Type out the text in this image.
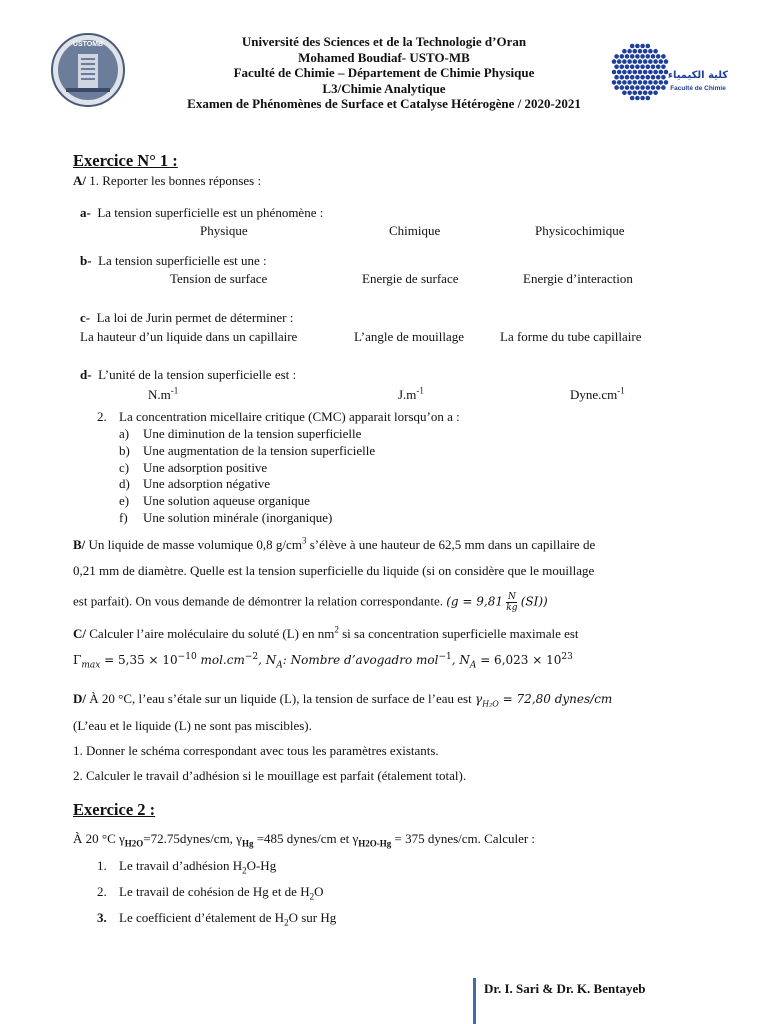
USTOMB
كلية الكيمياء
Faculté de Chimie
Université des Sciences et de la Technologie d’Oran
Mohamed Boudiaf- USTO-MB
Faculté de Chimie – Département de Chimie Physique
L3/Chimie Analytique
Examen de Phénomènes de Surface et Catalyse Hétérogène / 2020-2021
Exercice N° 1 :
A/ 1. Reporter les bonnes réponses :
a- La tension superficielle est un phénomène :
Physique	Chimique	Physicochimique
b- La tension superficielle est une :
Tension de surface	Energie de surface	Energie d’interaction
c- La loi de Jurin permet de déterminer :
La hauteur d’un liquide dans un capillaire	L’angle de mouillage	La forme du tube capillaire
d- L’unité de la tension superficielle est :
$N.m^{-1}$	$J.m^{-1}$	$Dyne.cm^{-1}$
2. La concentration micellaire critique (CMC) apparait lorsqu’on a :
a) Une diminution de la tension superficielle
b) Une augmentation de la tension superficielle
c) Une adsorption positive
d) Une adsorption négative
e) Une solution aqueuse organique
f) Une solution minérale (inorganique)
B/ Un liquide de masse volumique 0,8 $g/cm^3$ s’élève à une hauteur de 62,5 mm dans un capillaire de
0,21 mm de diamètre. Quelle est la tension superficielle du liquide (si on considère que le mouillage
est parfait). On vous demande de démontrer la relation correspondante. $(g = 9,81 \frac{N}{kg} (SI))$
C/ Calculer l’aire moléculaire du soluté (L) en $nm^2$ si sa concentration superficielle maximale est
$\Gamma_{max} = 5,35 \times 10^{-10}$ $mol.cm^{-2}$, $N_A$: Nombre d’avogadro mol$^{-1}$, $N_A = 6,023 \times 10^{23}$
D/ À 20 °C, l’eau s’étale sur un liquide (L), la tension de surface de l’eau est $\gamma_{H_2O} = 72,80$ dynes/cm
(L’eau et le liquide (L) ne sont pas miscibles).
1. Donner le schéma correspondant avec tous les paramètres existants.
2. Calculer le travail d’adhésion si le mouillage est parfait (étalement total).
Exercice 2 :
À 20 °C $\gamma_{H2O}=72.75dynes/cm$, $\gamma_{Hg} =485$ dynes/cm et $\gamma_{H2O-Hg} = 375$ dynes/cm. Calculer :
1. Le travail d’adhésion $H_2O-Hg$
2. Le travail de cohésion de Hg et de $H_2O$
3. Le coefficient d’étalement de $H_2O$ sur Hg
Dr. I. Sari & Dr. K. Bentayeb
